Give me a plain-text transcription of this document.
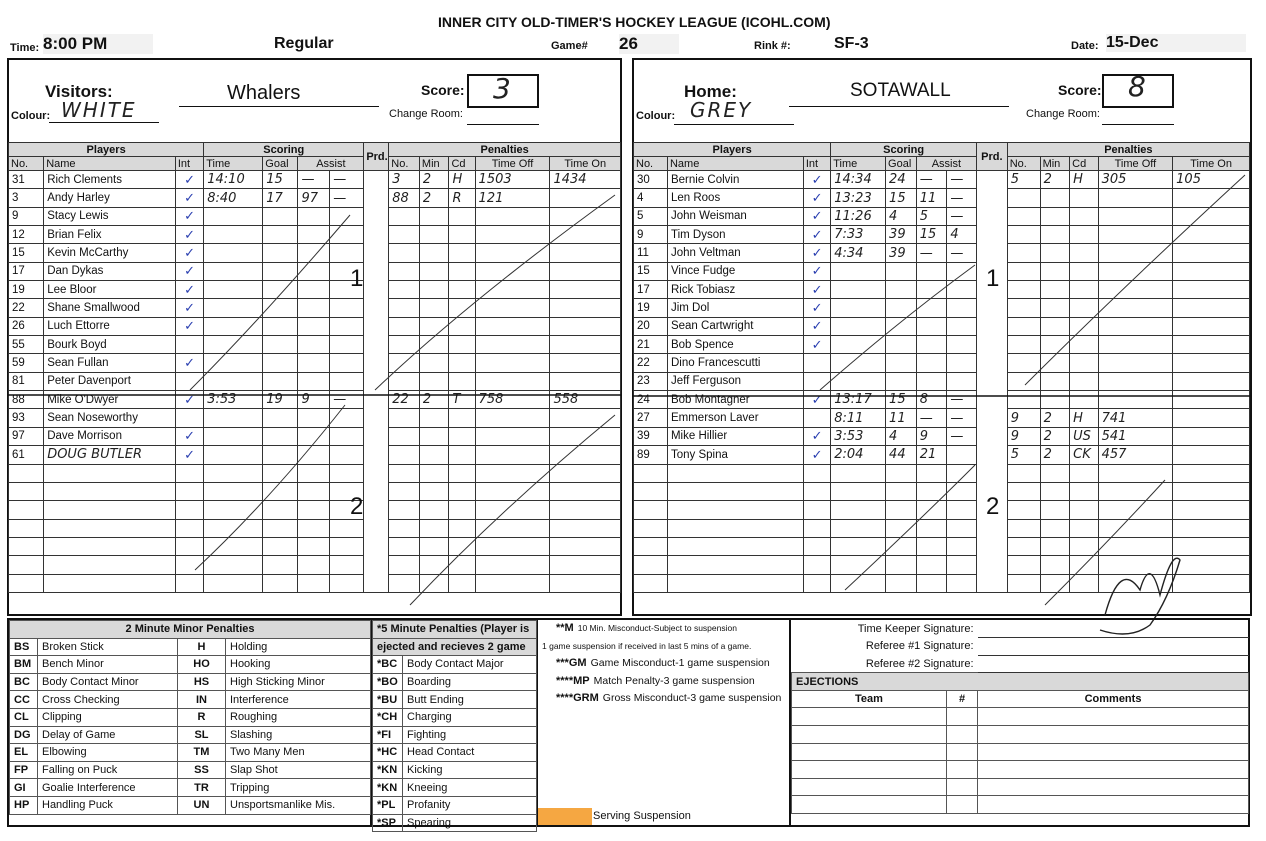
INNER CITY OLD-TIMER'S HOCKEY LEAGUE (ICOHL.COM)
Time: 8:00 PM	Regular	Game# 26	Rink #:	SF-3	Date: 15-Dec
Visitors:	Whalers	Score: 3
Colour: WHITE	Change Room:
Players			Scoring				Prd.	Penalties				
No.	Name	Int	Time	Goal	Assist			No.	Min	Cd	Time Off	Time On
31	Rich Clements	✓	14:10	15	—	—		3	2	H	1503	1434
3	Andy Harley	✓	8:40	17	97	—		88	2	R	121	
9	Stacy Lewis	✓										
12	Brian Felix	✓										
15	Kevin McCarthy	✓										
17	Dan Dykas	✓										
19	Lee Bloor	✓										
22	Shane Smallwood	✓										
26	Luch Ettorre	✓										
55	Bourk Boyd											
59	Sean Fullan	✓										
81	Peter Davenport											
88	Mike O'Dwyer	✓	3:53	19	9	—		22	2	T	758	558
93	Sean Noseworthy											
97	Dave Morrison	✓										
61	DOUG BUTLER	✓										

Home:	SOTAWALL	Score: 8
Colour: GREY	Change Room:
Players			Scoring				Prd.	Penalties				
No.	Name	Int	Time	Goal	Assist			No.	Min	Cd	Time Off	Time On
30	Bernie Colvin	✓	14:34	24	—	—		5	2	H	305	105
4	Len Roos	✓	13:23	15	11	—						
5	John Weisman	✓	11:26	4	5	—						
9	Tim Dyson	✓	7:33	39	15	4						
11	John Veltman	✓	4:34	39	—	—						
15	Vince Fudge	✓										
17	Rick Tobiasz	✓										
19	Jim Dol	✓										
20	Sean Cartwright	✓										
21	Bob Spence	✓										
22	Dino Francescutti											
23	Jeff Ferguson											
24	Bob Montagner	✓	13:17	15	8	—						
27	Emmerson Laver		8:11	11	—	—		9	2	H	741	
39	Mike Hillier	✓	3:53	4	9	—		9	2	US	541	
89	Tony Spina	✓	2:04	44	21			5	2	CK	457	

1
2
1
2
2 Minute Minor Penalties			
BS	Broken Stick	H	Holding
BM	Bench Minor	HO	Hooking
BC	Body Contact Minor	HS	High Sticking Minor
CC	Cross Checking	IN	Interference
CL	Clipping	R	Roughing
DG	Delay of Game	SL	Slashing
EL	Elbowing	TM	Two Many Men
FP	Falling on Puck	SS	Slap Shot
GI	Goalie Interference	TR	Tripping
HP	Handling Puck	UN	Unsportsmanlike Mis.
*5 Minute Penalties (Player is	
ejected and recieves 2 game	
*BC	Body Contact Major
*BO	Boarding
*BU	Butt Ending
*CH	Charging
*FI	Fighting
*HC	Head Contact
*KN	Kicking
*KN	Kneeing
*PL	Profanity
*SP	Spearing
**M 10 Min. Misconduct-Subject to suspension
1 game suspension if received in last 5 mins of a game.
***GM Game Misconduct-1 game suspension
****MP Match Penalty-3 game suspension
****GRM Gross Misconduct-3 game suspension
Serving Suspension
Time Keeper Signature:		
Referee #1 Signature:		
Referee #2 Signature:		
EJECTIONS		
Team	#	Comments
